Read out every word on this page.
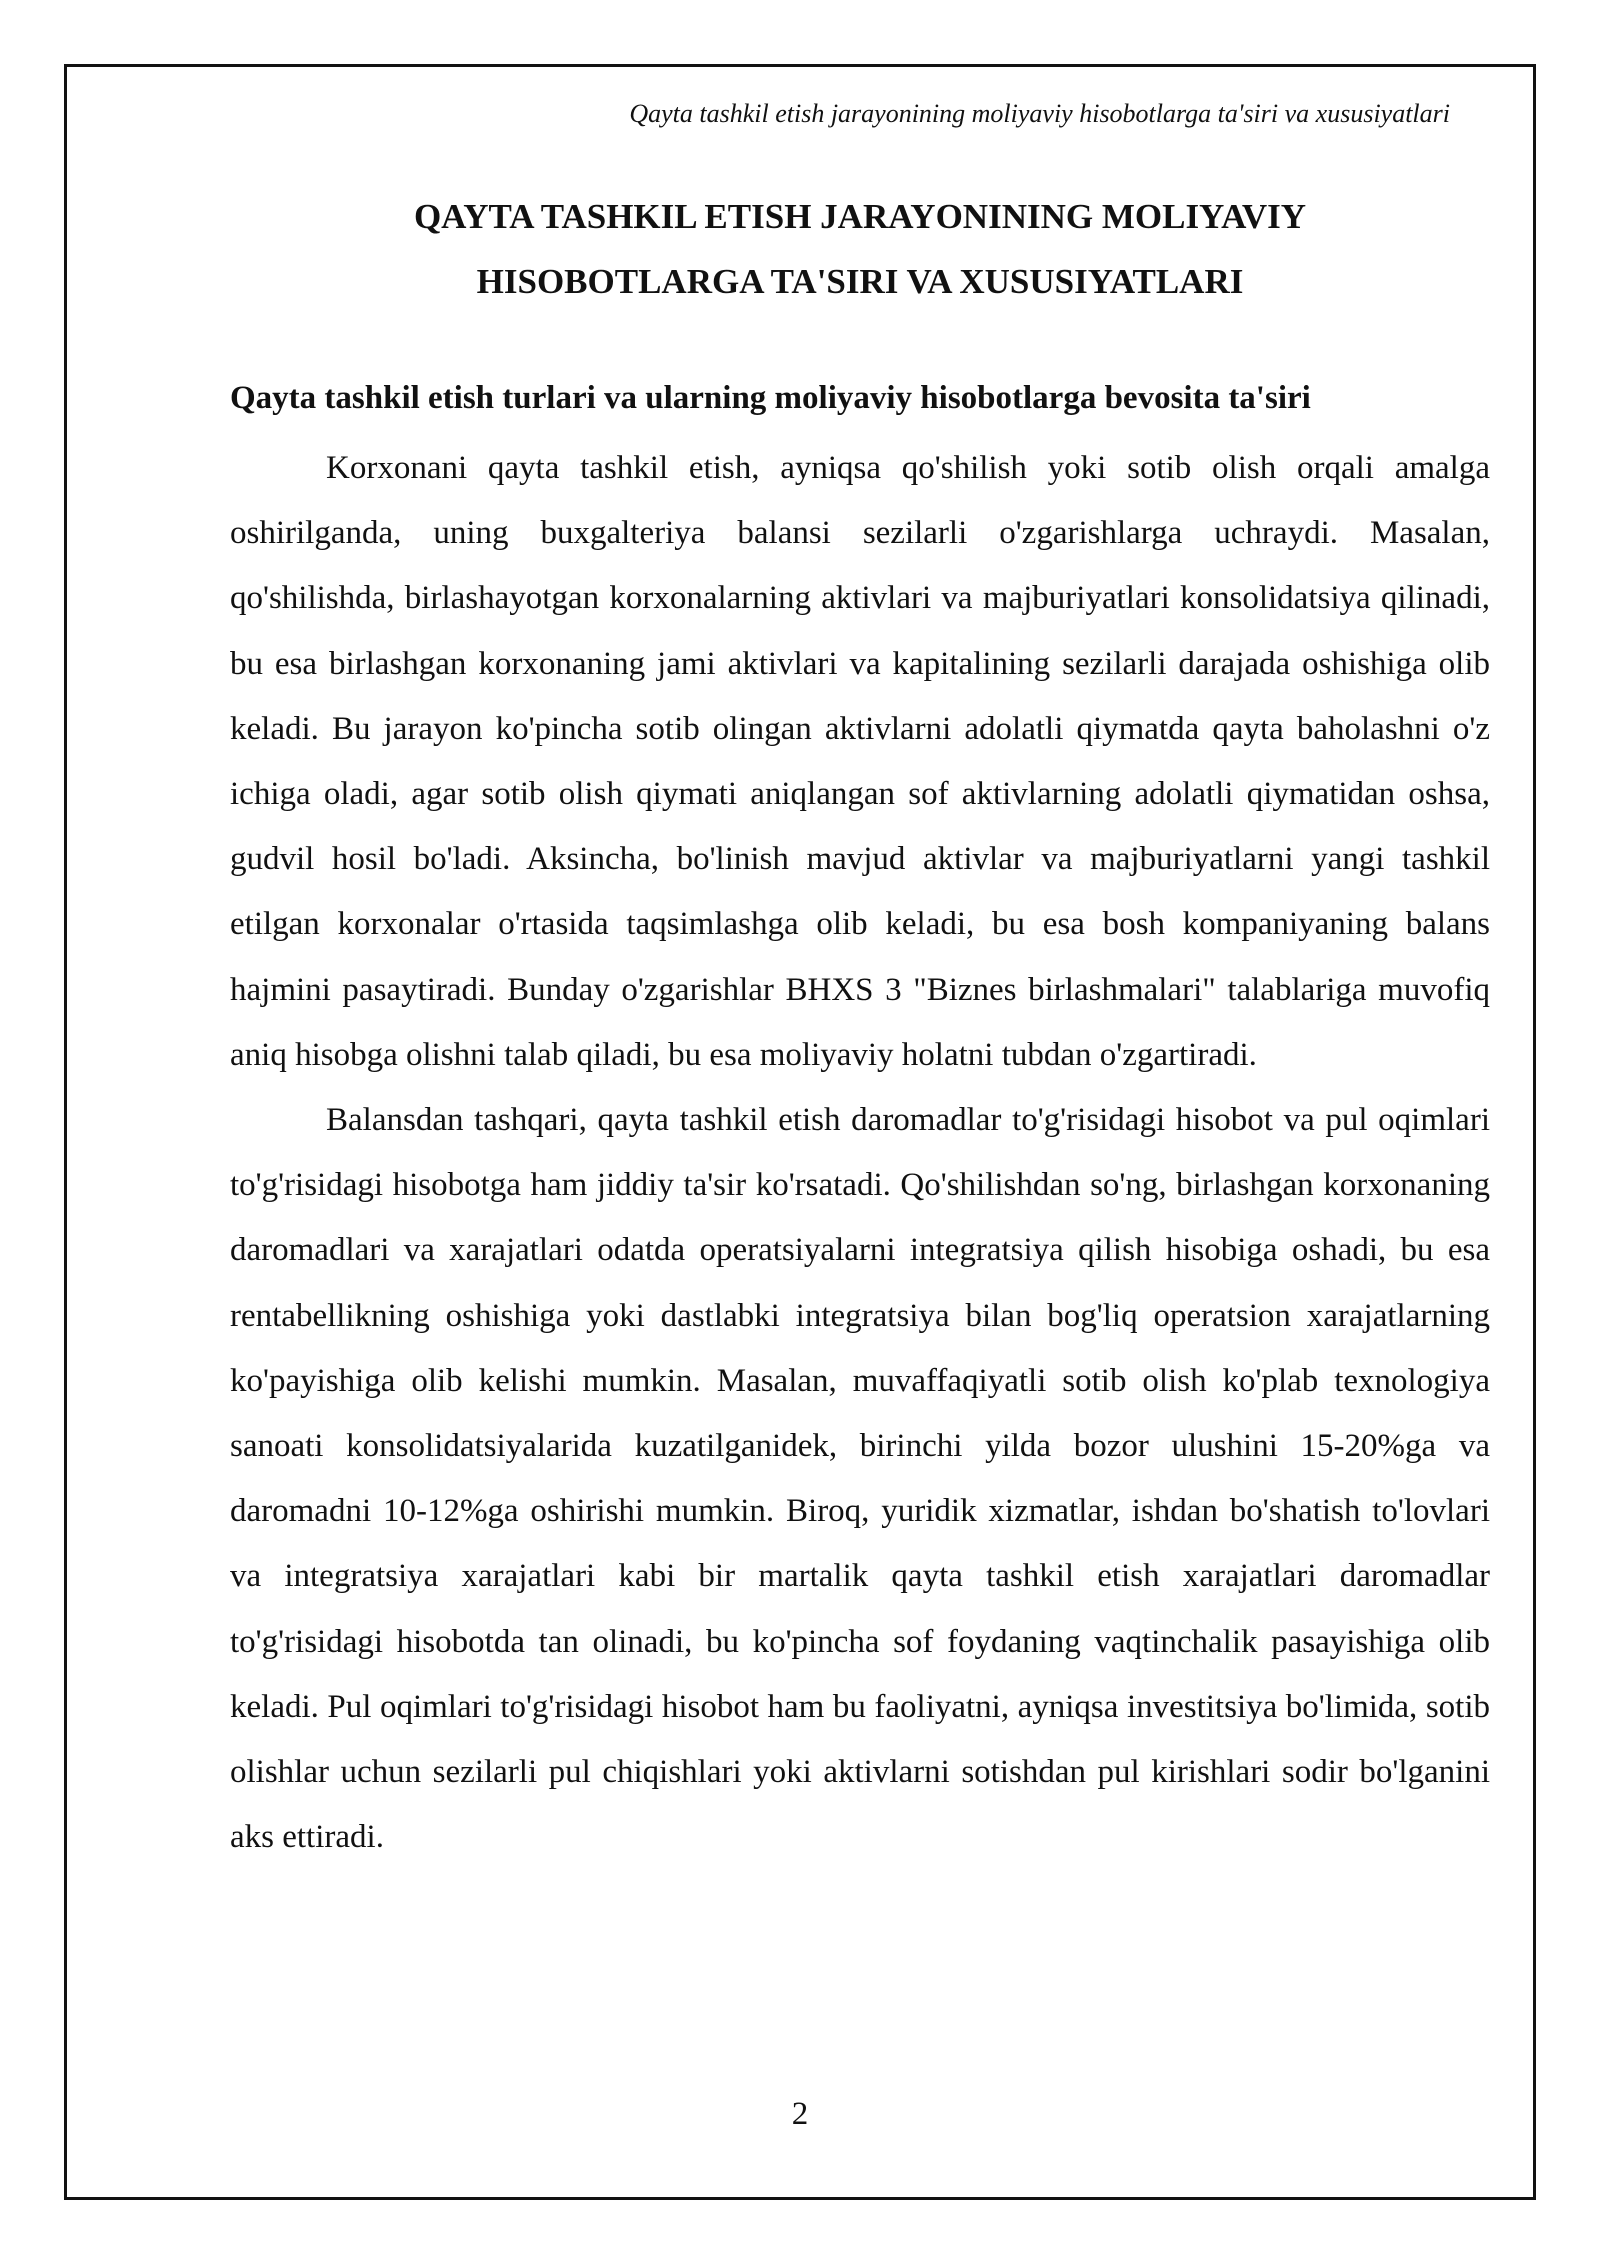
Qayta tashkil etish jarayonining moliyaviy hisobotlarga ta'siri va xususiyatlari
QAYTA TASHKIL ETISH JARAYONINING MOLIYAVIY
HISOBOTLARGA TA'SIRI VA XUSUSIYATLARI
Qayta tashkil etish turlari va ularning moliyaviy hisobotlarga bevosita ta'siri

Korxonani qayta tashkil etish, ayniqsa qo'shilish yoki sotib olish orqali amalga oshirilganda, uning buxgalteriya balansi sezilarli o'zgarishlarga uchraydi. Masalan, qo'shilishda, birlashayotgan korxonalarning aktivlari va majburiyatlari konsolidatsiya qilinadi, bu esa birlashgan korxonaning jami aktivlari va kapitalining sezilarli darajada oshishiga olib keladi. Bu jarayon ko'pincha sotib olingan aktivlarni adolatli qiymatda qayta baholashni o'z ichiga oladi, agar sotib olish qiymati aniqlangan sof aktivlarning adolatli qiymatidan oshsa, gudvil hosil bo'ladi. Aksincha, bo'linish mavjud aktivlar va majburiyatlarni yangi tashkil etilgan korxonalar o'rtasida taqsimlashga olib keladi, bu esa bosh kompaniyaning balans hajmini pasaytiradi. Bunday o'zgarishlar BHXS 3 "Biznes birlashmalari" talablariga muvofiq aniq hisobga olishni talab qiladi, bu esa moliyaviy holatni tubdan o'zgartiradi.

Balansdan tashqari, qayta tashkil etish daromadlar to'g'risidagi hisobot va pul oqimlari to'g'risidagi hisobotga ham jiddiy ta'sir ko'rsatadi. Qo'shilishdan so'ng, birlashgan korxonaning daromadlari va xarajatlari odatda operatsiyalarni integratsiya qilish hisobiga oshadi, bu esa rentabellikning oshishiga yoki dastlabki integratsiya bilan bog'liq operatsion xarajatlarning ko'payishiga olib kelishi mumkin. Masalan, muvaffaqiyatli sotib olish ko'plab texnologiya sanoati konsolidatsiyalarida kuzatilganidek, birinchi yilda bozor ulushini 15-20%ga va daromadni 10-12%ga oshirishi mumkin. Biroq, yuridik xizmatlar, ishdan bo'shatish to'lovlari va integratsiya xarajatlari kabi bir martalik qayta tashkil etish xarajatlari daromadlar to'g'risidagi hisobotda tan olinadi, bu ko'pincha sof foydaning vaqtinchalik pasayishiga olib keladi. Pul oqimlari to'g'risidagi hisobot ham bu faoliyatni, ayniqsa investitsiya bo'limida, sotib olishlar uchun sezilarli pul chiqishlari yoki aktivlarni sotishdan pul kirishlari sodir bo'lganini aks ettiradi.

2
